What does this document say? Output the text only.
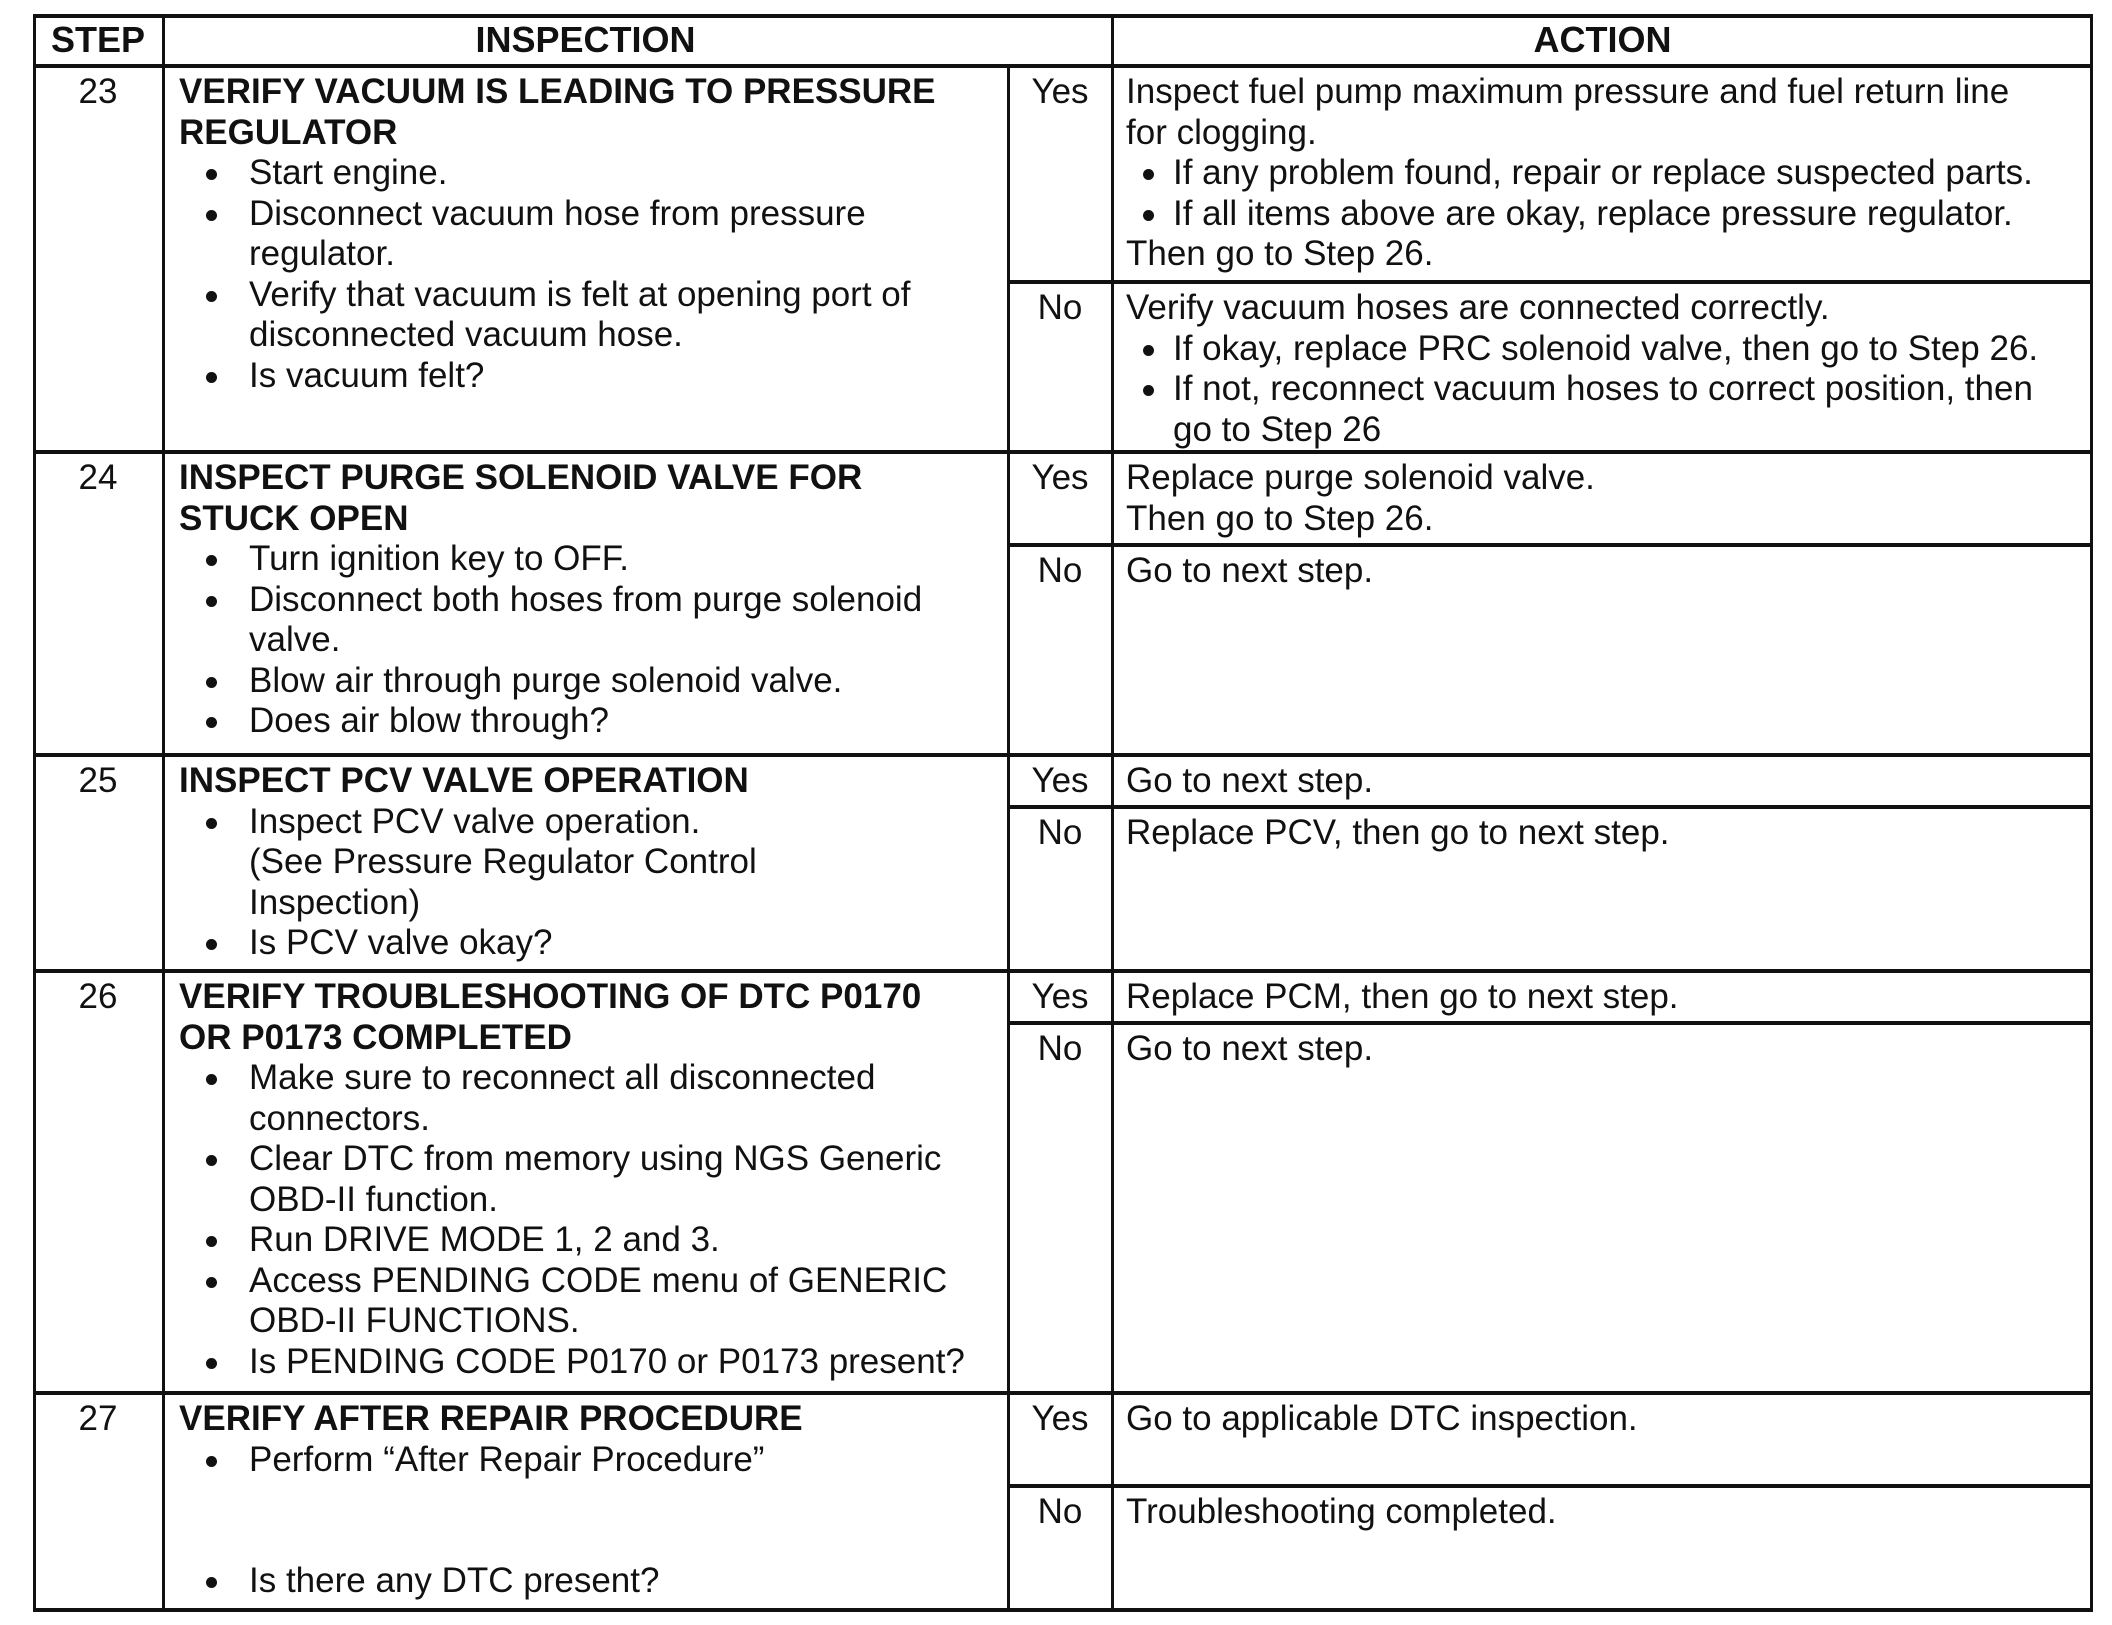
STEP	INSPECTION	ACTION
23	VERIFY VACUUM IS LEADING TO PRESSURE
REGULATOR
Start engine.
Disconnect vacuum hose from pressure
regulator.
Verify that vacuum is felt at opening port of
disconnected vacuum hose.
Is vacuum felt?
Yes	Inspect fuel pump maximum pressure and fuel return line
for clogging.
If any problem found, repair or replace suspected parts.
If all items above are okay, replace pressure regulator.
Then go to Step 26.
No	Verify vacuum hoses are connected correctly.
If okay, replace PRC solenoid valve, then go to Step 26.
If not, reconnect vacuum hoses to correct position, then
go to Step 26
24	INSPECT PURGE SOLENOID VALVE FOR
STUCK OPEN
Turn ignition key to OFF.
Disconnect both hoses from purge solenoid
valve.
Blow air through purge solenoid valve.
Does air blow through?
Yes	Replace purge solenoid valve.
Then go to Step 26.
No	Go to next step.
25	INSPECT PCV VALVE OPERATION
Inspect PCV valve operation.
(See Pressure Regulator Control
Inspection)
Is PCV valve okay?
Yes	Go to next step.
No	Replace PCV, then go to next step.
26	VERIFY TROUBLESHOOTING OF DTC P0170
OR P0173 COMPLETED
Make sure to reconnect all disconnected
connectors.
Clear DTC from memory using NGS Generic
OBD-II function.
Run DRIVE MODE 1, 2 and 3.
Access PENDING CODE menu of GENERIC
OBD-II FUNCTIONS.
Is PENDING CODE P0170 or P0173 present?
Yes	Replace PCM, then go to next step.
No	Go to next step.
27	VERIFY AFTER REPAIR PROCEDURE
Perform “After Repair Procedure”
Is there any DTC present?
Yes	Go to applicable DTC inspection.
No	Troubleshooting completed.
